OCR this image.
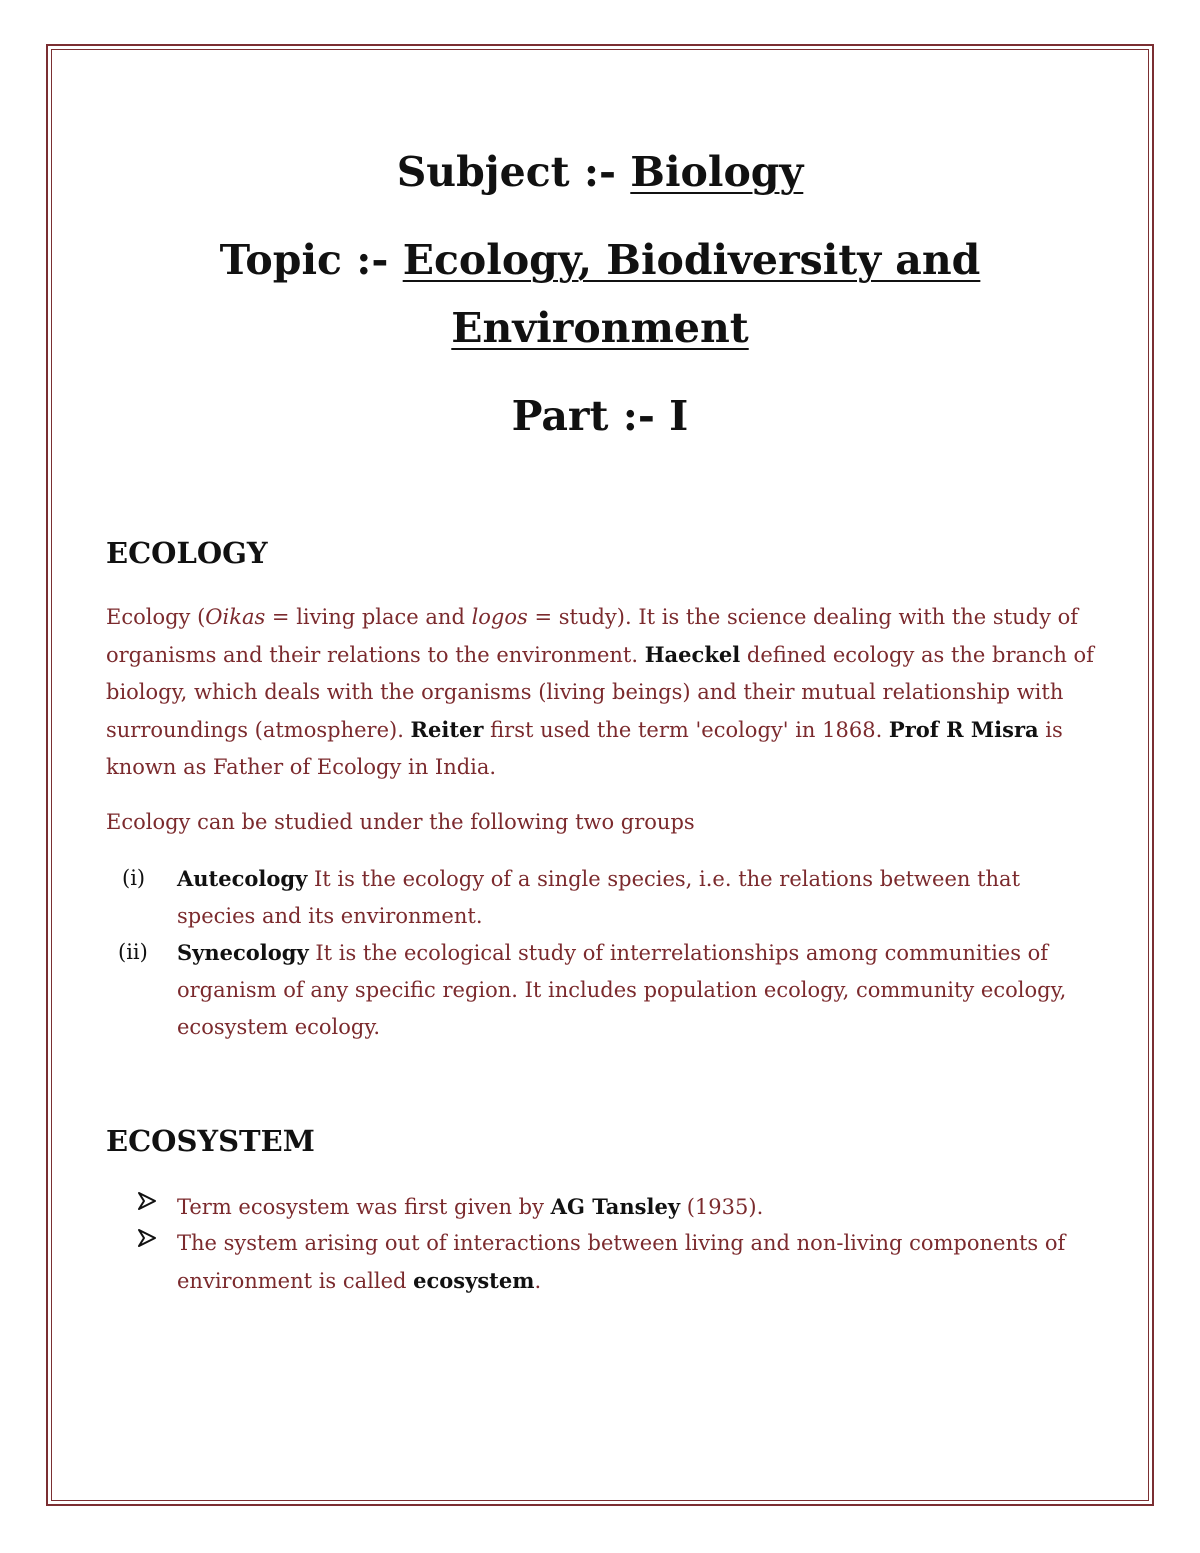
Subject :- Biology
Topic :- Ecology, Biodiversity and
Environment
Part :- I
ECOLOGY
Ecology (Oikas = living place and logos = study). It is the science dealing with the study of organisms and their relations to the environment. Haeckel defined ecology as the branch of biology, which deals with the organisms (living beings) and their mutual relationship with surroundings (atmosphere). Reiter first used the term 'ecology' in 1868. Prof R Misra is known as Father of Ecology in India.
Ecology can be studied under the following two groups
(i) Autecology It is the ecology of a single species, i.e. the relations between that species and its environment.
(ii) Synecology It is the ecological study of interrelationships among communities of organism of any specific region. It includes population ecology, community ecology, ecosystem ecology.
ECOSYSTEM
Term ecosystem was first given by AG Tansley (1935).
The system arising out of interactions between living and non-living components of environment is called ecosystem.
